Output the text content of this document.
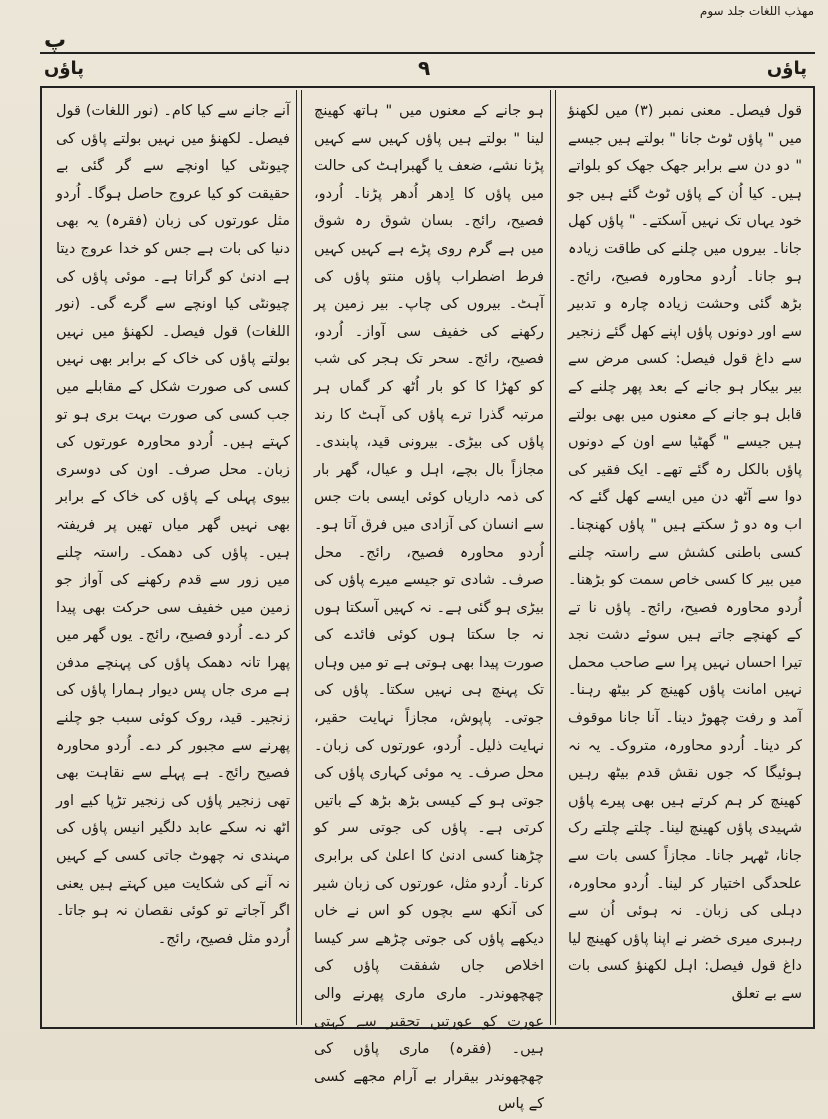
مهذب اللغات جلد سوم
پ
پاؤں	۹	پاؤں

قول فیصل۔ معنی نمبر (۳) میں لکھنؤ میں " پاؤں ٹوٹ جانا " بولتے ہیں جیسے " دو دن سے برابر جھک جھک کو بلواتے ہیں۔ کیا اُن کے پاؤں ٹوٹ گئے ہیں جو خود یہاں تک نہیں آسکتے۔ " پاؤں کھل جانا۔ بیروں میں چلنے کی طاقت زیادہ ہو جانا۔ اُردو محاورہ فصیح، رائج۔ بڑھ گئی وحشت زیادہ چارہ و تدبیر سے اور دونوں پاؤں اپنے کھل گئے زنجیر سے داغ قول فیصل: کسی مرض سے بیر بیکار ہو جانے کے بعد پھر چلنے کے قابل ہو جانے کے معنوں میں بھی بولتے ہیں جیسے " گھٹیا سے اون کے دونوں پاؤں بالکل رہ گئے تھے۔ ایک فقیر کی دوا سے آٹھ دن میں ایسے کھل گئے کہ اب وہ دو ڑ سکتے ہیں " پاؤں کھنچنا۔ کسی باطنی کشش سے راستہ چلنے میں بیر کا کسی خاص سمت کو بڑھنا۔ اُردو محاورہ فصیح، رائج۔ پاؤں نا تے کے کھنچے جاتے ہیں سوئے دشت نجد تیرا احساں نہیں پرا سے صاحب محمل نہیں امانت پاؤں کھینچ کر بیٹھ رہنا۔ آمد و رفت چھوڑ دینا۔ آنا جانا موقوف کر دینا۔ اُردو محاورہ، متروک۔ یہ نہ ہوئیگا کہ جوں نقش قدم بیٹھ رہیں کھینچ کر ہم کرتے ہیں بھی پیرے پاؤں شہیدی پاؤں کھینچ لینا۔ چلتے چلتے رک جانا، ٹھہر جانا۔ مجازاً کسی بات سے علحدگی اختیار کر لینا۔ اُردو محاورہ، دہلی کی زبان۔ نہ ہوئی اُن سے رہبری میری خضر نے اپنا پاؤں کھینچ لیا داغ قول فیصل: اہل لکھنؤ کسی بات سے بے تعلق

ہو جانے کے معنوں میں " ہاتھ کھینچ لینا " بولتے ہیں پاؤں کہیں سے کہیں پڑنا نشے، ضعف یا گھبراہٹ کی حالت میں پاؤں کا اِدھر اُدھر پڑنا۔ اُردو، فصیح، رائج۔ بسان شوق رہ شوق میں ہے گرم روی پڑے ہے کہیں کہیں فرط اضطراب پاؤں منتو پاؤں کی آہٹ۔ بیروں کی چاپ۔ بیر زمین پر رکھنے کی خفیف سی آواز۔ اُردو، فصیح، رائج۔ سحر تک ہجر کی شب کو کھڑا کا کو بار اُٹھ کر گماں ہر مرتبہ گذرا ترے پاؤں کی آہٹ کا رند پاؤں کی بیڑی۔ بیرونی قید، پابندی۔ مجازاً بال بچے، اہل و عیال، گھر بار کی ذمہ داریاں کوئی ایسی بات جس سے انسان کی آزادی میں فرق آتا ہو۔ اُردو محاورہ فصیح، رائج۔ محل صرف۔ شادی تو جیسے میرے پاؤں کی بیڑی ہو گئی ہے۔ نہ کہیں آسکتا ہوں نہ جا سکتا ہوں کوئی فائدے کی صورت پیدا بھی ہوتی ہے تو میں وہاں تک پہنچ ہی نہیں سکتا۔ پاؤں کی جوتی۔ پاپوش، مجازاً نہایت حقیر، نہایت ذلیل۔ اُردو، عورتوں کی زبان۔ محل صرف۔ یہ موئی کہاری پاؤں کی جوتی ہو کے کیسی بڑھ بڑھ کے باتیں کرتی ہے۔ پاؤں کی جوتی سر کو چڑھنا کسی ادنیٰ کا اعلیٰ کی برابری کرنا۔ اُردو مثل، عورتوں کی زبان شیر کی آنکھ سے بچوں کو اس نے خاں دیکھے پاؤں کی جوتی چڑھے سر کیسا اخلاص جاں شفقت پاؤں کی چھچھوندر۔ ماری ماری پھرنے والی عورت کو عورتیں تحقیر سے کہتی ہیں۔ (فقرہ) ماری پاؤں کی چھچھوندر بیقرار بے آرام مجھے کسی کے پاس

آنے جانے سے کیا کام۔ (نور اللغات) قول فیصل۔ لکھنؤ میں نہیں بولتے پاؤں کی چیونٹی کیا اونچے سے گر گئی بے حقیقت کو کیا عروج حاصل ہوگا۔ اُردو مثل عورتوں کی زبان (فقرہ) یہ بھی دنیا کی بات ہے جس کو خدا عروج دیتا ہے ادنیٰ کو گراتا ہے۔ موئی پاؤں کی چیونٹی کیا اونچے سے گرے گی۔ (نور اللغات) قول فیصل۔ لکھنؤ میں نہیں بولتے پاؤں کی خاک کے برابر بھی نہیں کسی کی صورت شکل کے مقابلے میں جب کسی کی صورت بہت بری ہو تو کہتے ہیں۔ اُردو محاورہ عورتوں کی زبان۔ محل صرف۔ اون کی دوسری بیوی پہلی کے پاؤں کی خاک کے برابر بھی نہیں گھر میاں تھیں پر فریفتہ ہیں۔ پاؤں کی دھمک۔ راستہ چلنے میں زور سے قدم رکھنے کی آواز جو زمین میں خفیف سی حرکت بھی پیدا کر دے۔ اُردو فصیح، رائج۔ یوں گھر میں پھرا تانہ دھمک پاؤں کی پہنچے مدفن ہے مری جاں پس دیوار ہمارا پاؤں کی زنجیر۔ قید، روک کوئی سبب جو چلنے پھرنے سے مجبور کر دے۔ اُردو محاورہ فصیح رائج۔ ہے پہلے سے نقاہت بھی تھی زنجیر پاؤں کی زنجیر تڑپا کیے اور اٹھ نہ سکے عابد دلگیر انیس پاؤں کی مہندی نہ چھوٹ جاتی کسی کے کہیں نہ آنے کی شکایت میں کہتے ہیں یعنی اگر آجاتے تو کوئی نقصان نہ ہو جاتا۔ اُردو مثل فصیح، رائج۔
